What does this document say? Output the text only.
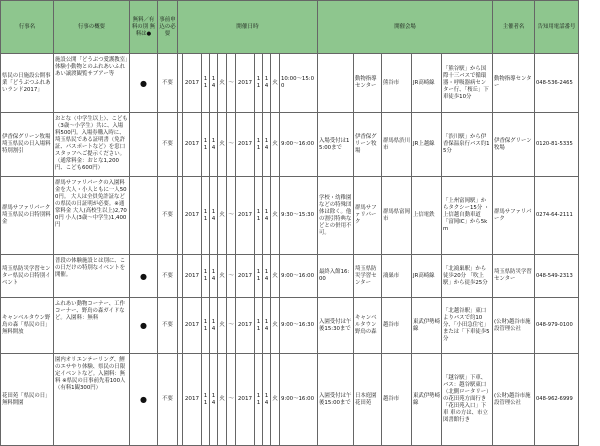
行事名	行事の概要	無料／有料の別 無料は●	事前申込の必要	開催日時											開催会場					主催者名	告知用電話番号
県民の日施設公開事業「どうぶつふれあいランド2017」	施設公開「どうぶつ愛護教室」体験小動物とのふれあいふれあい譲渡観覧サブアー等	●	不要		2017	11	14	火	～	2017	11	14	火	10:00～15:00		動物指導センター	熊谷市	JR高崎線	「熊谷駅」から国際十三バスで循環器・呼吸器病センター行、「桜丘」下車徒歩10分	動物指導センター	048-536-2465
伊香保グリーン牧場 埼玉県民の日入場料特別割引	おとな（中学生以上）、こども（3歳～小学生）共に、入場料500円。入場券購入時に、埼玉県民である証明書（免許証、パスポートなど）を窓口スタッフへご提示ください。（通常料金：おとな1,200円、こども600円）		不要		2017	11	14	火	～	2017	11	14	火	9:00～16:00	入場受付は15:00まで	伊香保グリーン牧場	群馬県渋川市	JR上越線	「渋川駅」から伊香保温泉行バス約15分	伊香保グリーン牧場	0120-81-5335
群馬サファリパーク埼玉県民の日特別料金	群馬サファリパークの入園料金を大人・小人ともに一人500円。 大人は全員免許証などの県民の日証明が必要。※通常料金 大人(高校生以上)2,700円 小人(3歳～中学生)1,400円		不要		2017	11	14	火	～	2017	11	14	火	9:30～15:30	学校・幼稚園などの特殊団体は除く。他の割引特典などとの併用不可。	群馬サファリパーク	群馬県富岡市	上信電鉄	「上州富岡駅」からタクシー15分 ・上信越自動車道「富岡IC」から5km	群馬サファリパーク	0274-64-2111
埼玉県防災学習センター県民の日特別イベント	普段の体験施設とは別に、この日だけの特別なイベントを開催。	●	不要		2017	11	14	火	～	2017	11	14	火	9:00～16:00	最終入館16:00	埼玉県防災学習センター	鴻巣市	JR高崎線	「北鴻巣駅」から徒歩20分 「吹上駅」から徒歩25分	埼玉県防災学習センター	048-549-2313
キャンベルタウン野鳥の森「県民の日」無料開放	ふれあい動物コーナー、工作コーナー、野鳥の森ガイドなど。入園料：無料	●	不要		2017	11	14	火	～	2017	11	14	火	9:00～16:30	入園受付は午後15:30まで	キャンベルタウン野鳥の森	越谷市	東武伊勢崎線	「北越谷駅」東口よりバスで約10分、「小田急住宅」または「下車徒歩5分	(公財)越谷市施設管理公社	048-979-0100
花田苑「県民の日」無料開園	園内オリエンテーリング、鯉のエサやり体験、県民の日限定イベントなど。入園料：無料 ※県民の日事前先着100人（有料1観300円）	●	不要		2017	11	14	火	～	2017	11	14	火	9:00～16:00	入園受付は午後15:00まで	日本庭園花田苑	越谷市	東武伊勢崎線	「越谷駅」下車、バス：越谷駅東口（北側ロータリー）の花田苑方面行き「花田苑入口」下車 車の方は、市立図書館行き	(公財)越谷市施設管理公社	048-962-6999
